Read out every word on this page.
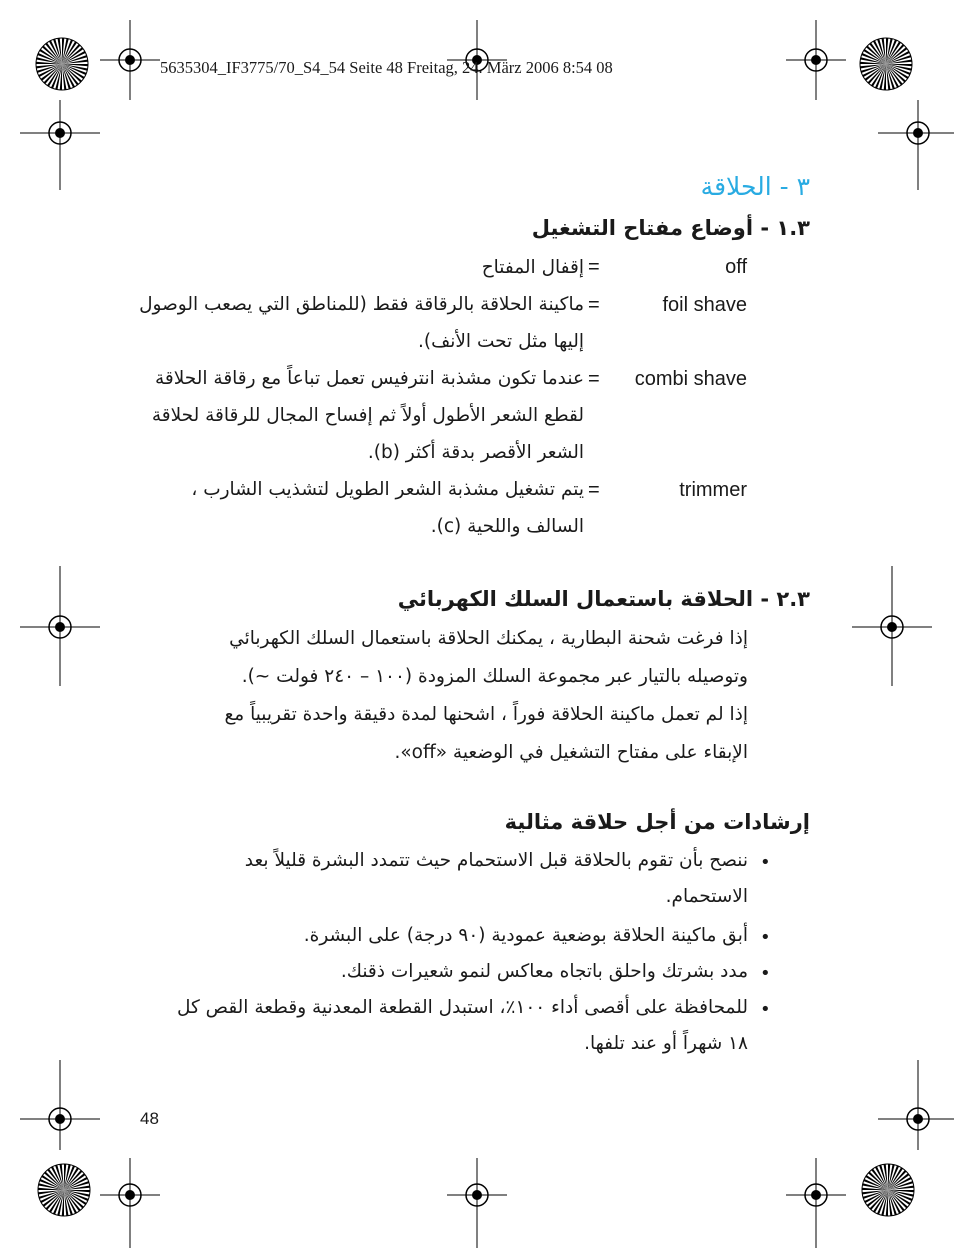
5635304_IF3775/70_S4_54 Seite 48 Freitag, 24. März 2006 8:54 08
٣ - الحلاقة
١.٣ - أوضاع مفتاح التشغيل
off
=
إقفال المفتاح
foil shave
=
ماكينة الحلاقة بالرقاقة فقط (للمناطق التي يصعب الوصول إليها مثل تحت الأنف).
combi shave
=
عندما تكون مشذبة انترفيس تعمل تباعاً مع رقاقة الحلاقة لقطع الشعر الأطول أولاً ثم إفساح المجال للرقاقة لحلاقة الشعر الأقصر بدقة أكثر (b).
trimmer
=
يتم تشغيل مشذبة الشعر الطويل لتشذيب الشارب ، السالف واللحية (c).
٢.٣ - الحلاقة باستعمال السلك الكهربائي
إذا فرغت شحنة البطارية ، يمكنك الحلاقة باستعمال السلك الكهربائي وتوصيله بالتيار عبر مجموعة السلك المزودة (١٠٠ – ٢٤٠ فولت ~).
إذا لم تعمل ماكينة الحلاقة فوراً ، اشحنها لمدة دقيقة واحدة تقريبياً مع الإبقاء على مفتاح التشغيل في الوضعية «off».
إرشادات من أجل حلاقة مثالية
•
ننصح بأن تقوم بالحلاقة قبل الاستحمام حيث تتمدد البشرة قليلاً بعد الاستحمام.
•
أبق ماكينة الحلاقة بوضعية عمودية (٩٠ درجة) على البشرة.
•
مدد بشرتك واحلق باتجاه معاكس لنمو شعيرات ذقنك.
•
للمحافظة على أقصى أداء ١٠٠٪، استبدل القطعة المعدنية وقطعة القص كل ١٨ شهراً أو عند تلفها.
48
